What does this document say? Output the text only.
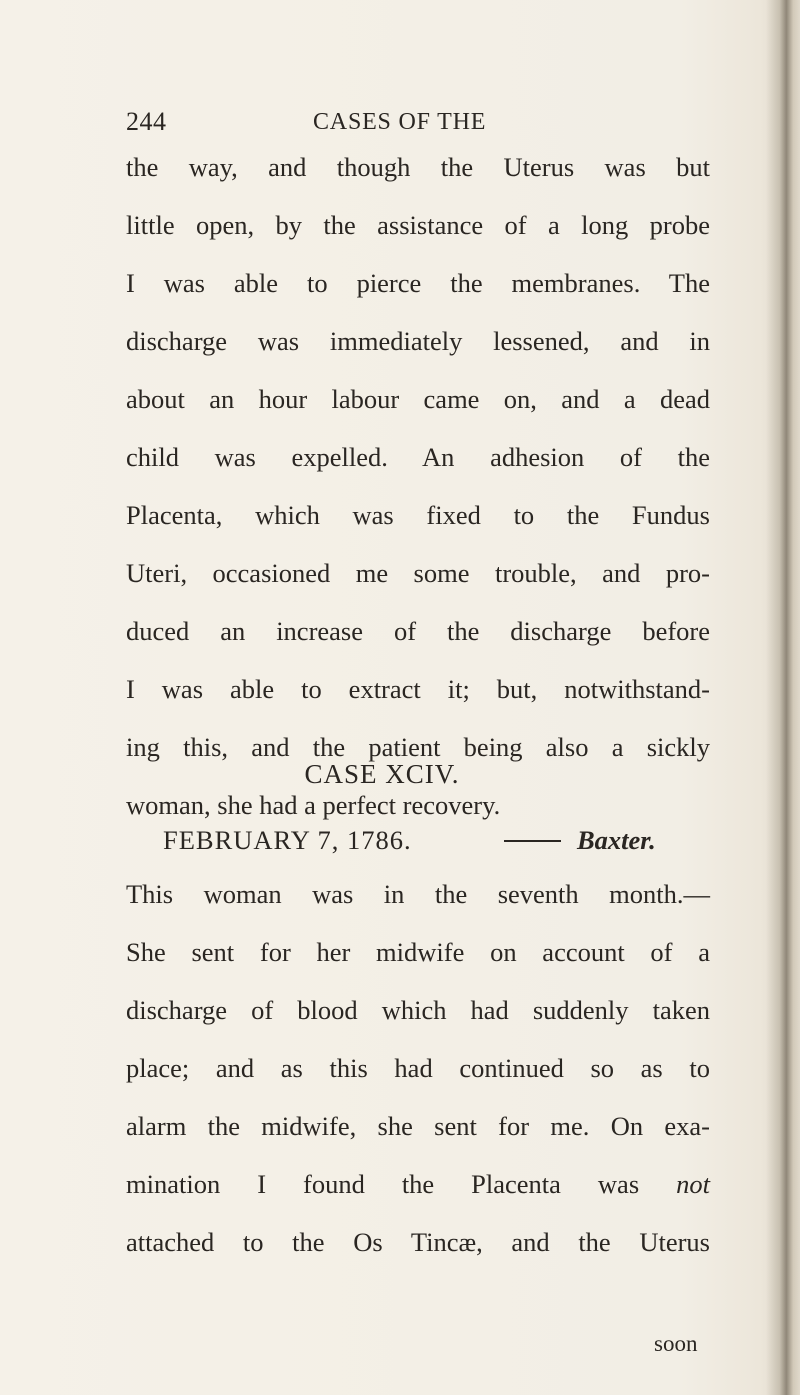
244	CASES OF THE
the way, and though the Uterus was but
little open, by the assistance of a long probe
I was able to pierce the membranes. The
discharge was immediately lessened, and in
about an hour labour came on, and a dead
child was expelled. An adhesion of the
Placenta, which was fixed to the Fundus
Uteri, occasioned me some trouble, and pro-
duced an increase of the discharge before
I was able to extract it; but, notwithstand-
ing this, and the patient being also a sickly
woman, she had a perfect recovery.
CASE XCIV.
FEBRUARY 7, 1786.	Baxter.
This woman was in the seventh month.—
She sent for her midwife on account of a
discharge of blood which had suddenly taken
place; and as this had continued so as to
alarm the midwife, she sent for me. On exa-
mination I found the Placenta was not
attached to the Os Tincæ, and the Uterus
soon
